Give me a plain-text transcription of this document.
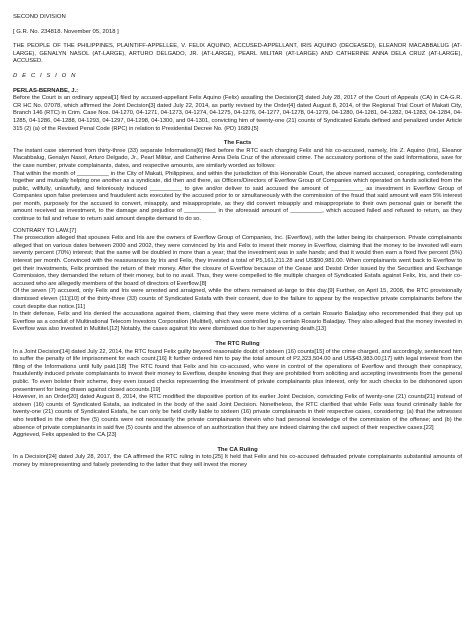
SECOND DIVISION

[ G.R. No. 234818. November 05, 2018 ]

THE PEOPLE OF THE PHILIPPINES, PLAINTIFF-APPELLEE, V. FELIX AQUINO, ACCUSED-APPELLANT, IRIS AQUINO (DECEASED), ELEANOR MACABBALUG (AT-LARGE), GENALYN NASOL (AT-LARGE), ARTURO DELGADO, JR. (AT-LARGE), PEARL MILITAR (AT-LARGE) AND CATHERINE ANNA DELA CRUZ (AT-LARGE), ACCUSED.

D E C I S I O N

PERLAS-BERNABE, J.:

Before the Court is an ordinary appeal[1] filed by accused-appellant Felix Aquino (Felix) assailing the Decision[2] dated July 28, 2017 of the Court of Appeals (CA) in CA-G.R. CR HC No. 07078, which affirmed the Joint Decision[3] dated July 22, 2014, as partly revised by the Order[4] dated August 8, 2014, of the Regional Trial Court of Makati City, Branch 146 (RTC) in Crim. Case Nos. 04-1270, 04-1271, 04-1273, 04-1274, 04-1275, 04-1276, 04-1277, 04-1278, 04-1279, 04-1280, 04-1281, 04-1282, 04-1283, 04-1284, 04-1285, 04-1286, 04-1288, 04-1293, 04-1297, 04-1298, 04-1300, and 04-1301, convicting him of twenty-one (21) counts of Syndicated Estafa defined and penalized under Article 315 (2) (a) of the Revised Penal Code (RPC) in relation to Presidential Decree No. (PD) 1689.[5]

The Facts

The instant case stemmed from thirty-three (33) separate Informations[6] filed before the RTC each charging Felix and his co-accused, namely, Iris Z. Aquino (Iris), Eleanor Macabbalug, Genalyn Nasol, Arturo Delgado, Jr., Pearl Militar, and Catherine Anna Dela Cruz of the aforesaid crime. The accusatory portions of the said Informations, save for the case number, private complainants, dates, and respective amounts, are similarly worded as follows:

That within the month of __________ in the City of Makati, Philippines, and within the jurisdiction of this Honorable Court, the above named accused, conspiring, confederating together and mutually helping one another as a syndicate, did then and there, as Officers/Directors of Everflow Group of Companies which operated on funds solicited from the public, willfully, unlawfully, and feloniously induced __________ to give and/or deliver to said accused the amount of __________ as investment in Everflow Group of Companies upon false pretenses and fraudulent acts executed by the accused prior to or simultaneously with the commission of the fraud that said amount will earn 5% interest per month, purposely for the accused to convert, misapply, and misappropriate, as they did convert misapply and misappropriate to their own personal gain or benefit the amount received as investment, to the damage and prejudice of __________ in the aforesaid amount of __________, which accused failed and refused to return, as they continue to fail and refuse to return said amount despite demand to do so.

CONTRARY TO LAW.[7]

The prosecution alleged that spouses Felix and Iris are the owners of Everflow Group of Companies, Inc. (Everflow), with the latter being its chairperson. Private complainants alleged that on various dates between 2000 and 2002, they were convinced by Iris and Felix to invest their money in Everflow, claiming that the money to be invested will earn seventy percent (70%) interest; that the same will be doubled in more than a year; that the investment was in safe hands; and that it would then earn a fixed five percent (5%) interest per month. Convinced with the reassurances by Iris and Felix, they invested a total of P5,161,211.28 and US$90,981.00. When complainants went back to Everflow to get their investments, Felix promised the return of their money. After the closure of Everflow because of the Cease and Desist Order issued by the Securities and Exchange Commission, they demanded the return of their money, but to no avail. Thus, they were compelled to file multiple charges of Syndicated Estafa against Felix, Iris, and their co-accused who are allegedly members of the board of directors of Everflow.[8]

Of the seven (7) accused, only Felix and Iris were arrested and arraigned, while the others remained at-large to this day.[9] Further, on April 15, 2008, the RTC provisionally dismissed eleven (11)[10] of the thirty-three (33) counts of Syndicated Estafa with their consent, due to the failure to appear by the respective private complainants before the court despite due notice.[11]

In their defense, Felix and Iris denied the accusations against them, claiming that they were mere victims of a certain Rosario Baladjay who recommended that they put up Everflow as a conduit of Multinational Telecom Investors Corporation (Multitel), which was controlled by a certain Rosario Baladjay. They also alleged that the money invested in Everflow was also invested in Multitel.[12] Notably, the cases against Iris were dismissed due to her supervening death.[13]

The RTC Ruling

In a Joint Decision[14] dated July 22, 2014, the RTC found Felix guilty beyond reasonable doubt of sixteen (16) counts[15] of the crime charged, and accordingly, sentenced him to suffer the penalty of life imprisonment for each count.[16] It further ordered him to pay the total amount of P2,323,504.00 and US$43,983.00,[17] with legal interest from the filing of the Informations until fully paid.[18] The RTC found that Felix and his co-accused, who were in control of the operations of Everflow and through their conspiracy, fraudulently induced private complainants to invest their money to Everflow, despite knowing that they are prohibited from soliciting and accepting investments from the general public. To even bolster their scheme, they even issued checks representing the investment of private complainants plus interest, only for such checks to be dishonored upon presentment for being drawn against closed accounts.[19]

However, in an Order[20] dated August 8, 2014, the RTC modified the dispositive portion of its earlier Joint Decision, convicting Felix of twenty-one (21) counts[21] instead of sixteen (16) counts of Syndicated Estafa, as indicated in the body of the said Joint Decision. Nonetheless, the RTC clarified that while Felix was found criminally liable for twenty-one (21) counts of Syndicated Estafa, he can only be held civilly liable to sixteen (16) private complainants in their respective cases, considering: (a) that the witnesses who testified in the other five (5) counts were not necessarily the private complainants therein who had personal knowledge of the commission of the offense; and (b) the absence of private complainants in said five (5) counts and the absence of an authorization that they are indeed claiming the civil aspect of their respective cases.[22]

Aggrieved, Felix appealed to the CA.[23]

The CA Ruling

In a Decision[24] dated July 28, 2017, the CA affirmed the RTC ruling in toto.[25] It held that Felix and his co-accused defrauded private complainants substantial amounts of money by misrepresenting and falsely pretending to the latter that they will invest the money
